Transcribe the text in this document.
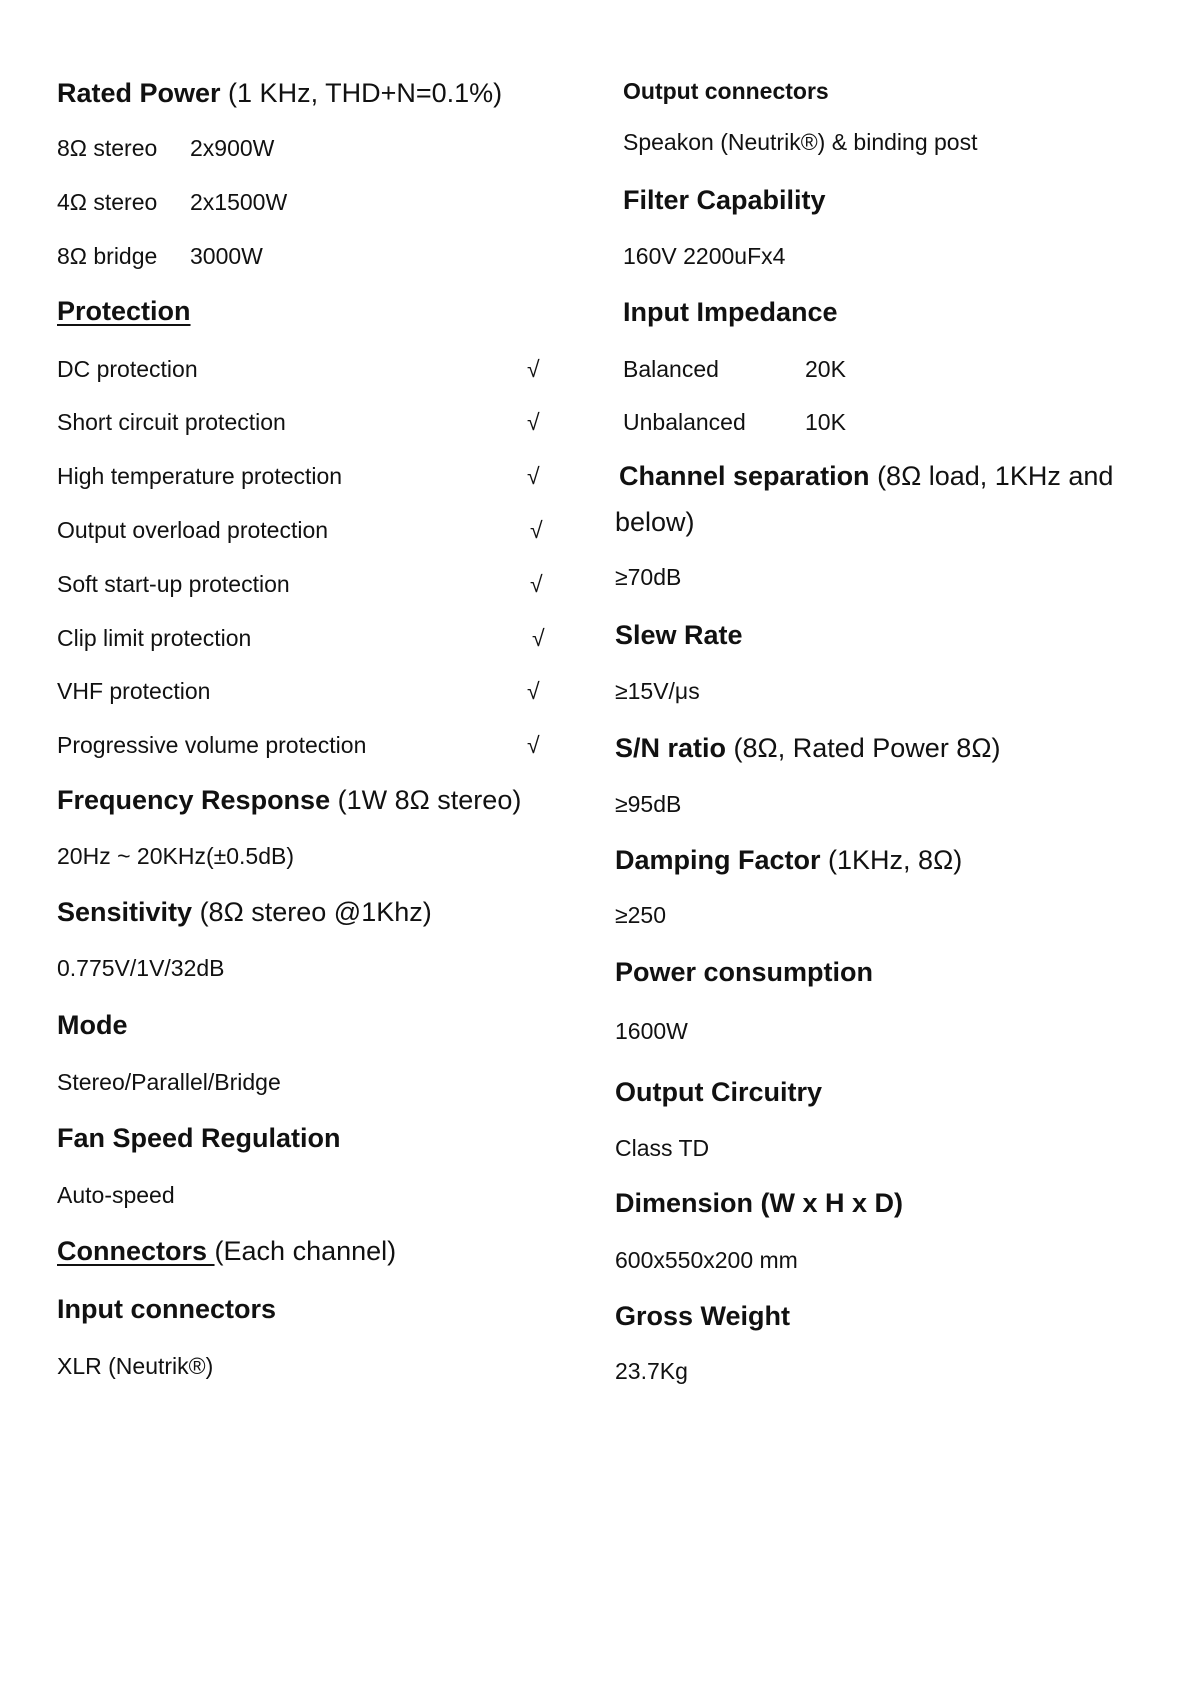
Rated Power (1 KHz, THD+N=0.1%)
8Ω stereo 2x900W
4Ω stereo 2x1500W
8Ω bridge 3000W
Protection
DC protection	√
Short circuit protection	√
High temperature protection	√
Output overload protection	√
Soft start-up protection	√
Clip limit protection	√
VHF protection	√
Progressive volume protection	√
Frequency Response (1W 8Ω stereo)
20Hz ~ 20KHz(±0.5dB)
Sensitivity (8Ω stereo @1Khz)
0.775V/1V/32dB
Mode
Stereo/Parallel/Bridge
Fan Speed Regulation
Auto-speed
Connectors (Each channel)
Input connectors
XLR (Neutrik®)
Output connectors
Speakon (Neutrik®) & binding post
Filter Capability
160V 2200uFx4
Input Impedance
Balanced	20K
Unbalanced	10K
Channel separation (8Ω load, 1KHz and
below)
≥70dB
Slew Rate
≥15V/μs
S/N ratio (8Ω, Rated Power 8Ω)
≥95dB
Damping Factor (1KHz, 8Ω)
≥250
Power consumption
1600W
Output Circuitry
Class TD
Dimension (W x H x D)
600x550x200 mm
Gross Weight
23.7Kg
